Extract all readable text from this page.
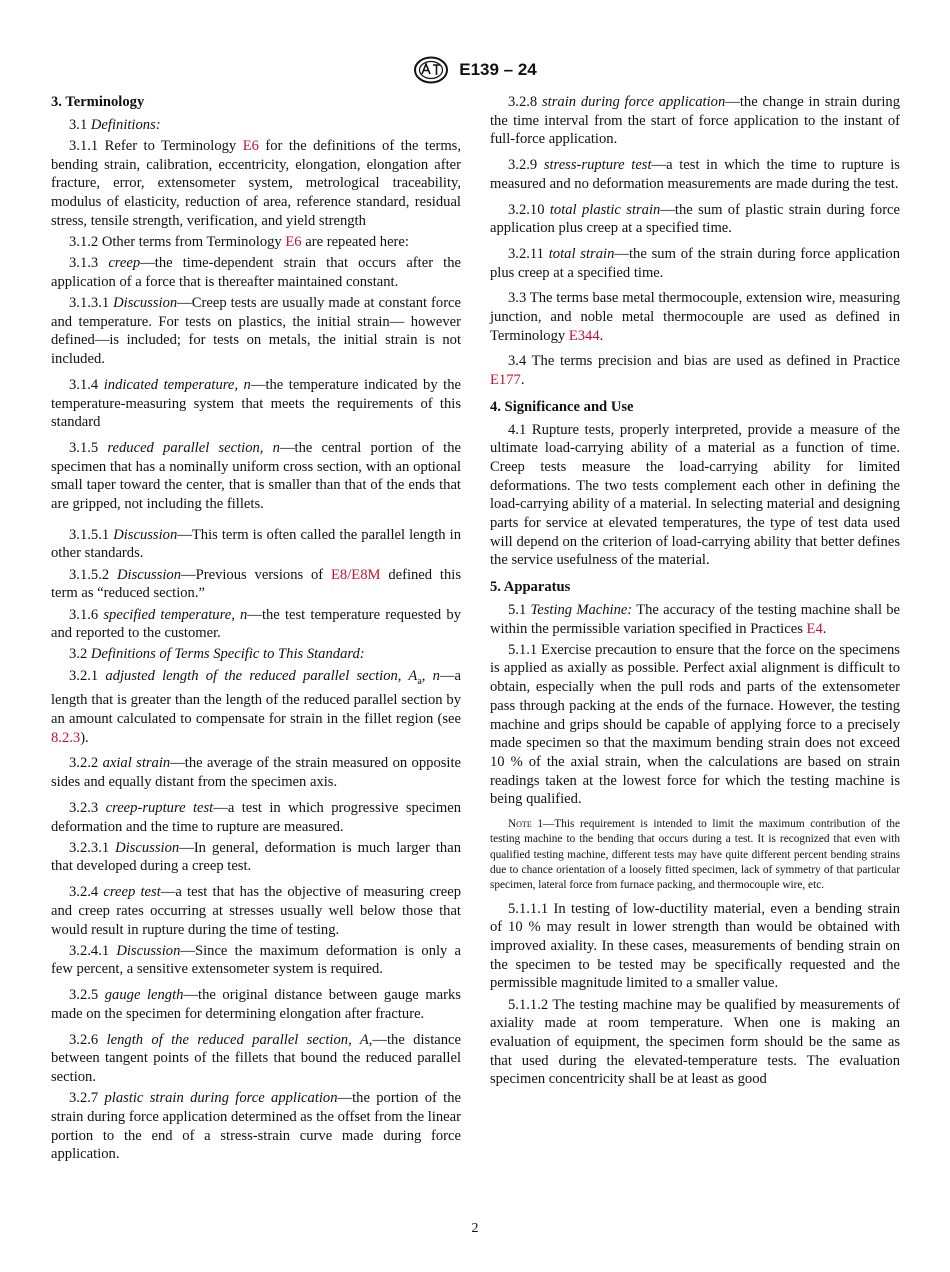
E139 – 24
3. Terminology

3.1 Definitions:

3.1.1 Refer to Terminology E6 for the definitions of the terms, bending strain, calibration, eccentricity, elongation, elongation after fracture, error, extensometer system, metrological traceability, modulus of elasticity, reduction of area, reference standard, residual stress, tensile strength, verification, and yield strength

3.1.2 Other terms from Terminology E6 are repeated here:

3.1.3 creep—the time-dependent strain that occurs after the application of a force that is thereafter maintained constant.

3.1.3.1 Discussion—Creep tests are usually made at constant force and temperature. For tests on plastics, the initial strain— however defined—is included; for tests on metals, the initial strain is not included.

3.1.4 indicated temperature, n—the temperature indicated by the temperature-measuring system that meets the requirements of this standard

3.1.5 reduced parallel section, n—the central portion of the specimen that has a nominally uniform cross section, with an optional small taper toward the center, that is smaller than that of the ends that are gripped, not including the fillets.

3.1.5.1 Discussion—This term is often called the parallel length in other standards.

3.1.5.2 Discussion—Previous versions of E8/E8M defined this term as “reduced section.”

3.1.6 specified temperature, n—the test temperature requested by and reported to the customer.

3.2 Definitions of Terms Specific to This Standard:

3.2.1 adjusted length of the reduced parallel section, $A_a$, n—a length that is greater than the length of the reduced parallel section by an amount calculated to compensate for strain in the fillet region (see 8.2.3).

3.2.2 axial strain—the average of the strain measured on opposite sides and equally distant from the specimen axis.

3.2.3 creep-rupture test—a test in which progressive specimen deformation and the time to rupture are measured.

3.2.3.1 Discussion—In general, deformation is much larger than that developed during a creep test.

3.2.4 creep test—a test that has the objective of measuring creep and creep rates occurring at stresses usually well below those that would result in rupture during the time of testing.

3.2.4.1 Discussion—Since the maximum deformation is only a few percent, a sensitive extensometer system is required.

3.2.5 gauge length—the original distance between gauge marks made on the specimen for determining elongation after fracture.

3.2.6 length of the reduced parallel section, A,—the distance between tangent points of the fillets that bound the reduced parallel section.

3.2.7 plastic strain during force application—the portion of the strain during force application determined as the offset from the linear portion to the end of a stress-strain curve made during force application.

3.2.8 strain during force application—the change in strain during the time interval from the start of force application to the instant of full-force application.

3.2.9 stress-rupture test—a test in which the time to rupture is measured and no deformation measurements are made during the test.

3.2.10 total plastic strain—the sum of plastic strain during force application plus creep at a specified time.

3.2.11 total strain—the sum of the strain during force application plus creep at a specified time.

3.3 The terms base metal thermocouple, extension wire, measuring junction, and noble metal thermocouple are used as defined in Terminology E344.

3.4 The terms precision and bias are used as defined in Practice E177.

4. Significance and Use

4.1 Rupture tests, properly interpreted, provide a measure of the ultimate load-carrying ability of a material as a function of time. Creep tests measure the load-carrying ability for limited deformations. The two tests complement each other in defining the load-carrying ability of a material. In selecting material and designing parts for service at elevated temperatures, the type of test data used will depend on the criterion of load-carrying ability that better defines the service usefulness of the material.

5. Apparatus

5.1 Testing Machine: The accuracy of the testing machine shall be within the permissible variation specified in Practices E4.

5.1.1 Exercise precaution to ensure that the force on the specimens is applied as axially as possible. Perfect axial alignment is difficult to obtain, especially when the pull rods and parts of the extensometer pass through packing at the ends of the furnace. However, the testing machine and grips should be capable of applying force to a precisely made specimen so that the maximum bending strain does not exceed 10 % of the axial strain, when the calculations are based on strain readings taken at the lowest force for which the testing machine is being qualified.

Note 1—This requirement is intended to limit the maximum contribution of the testing machine to the bending that occurs during a test. It is recognized that even with qualified testing machine, different tests may have quite different percent bending strains due to chance orientation of a loosely fitted specimen, lack of symmetry of that particular specimen, lateral force from furnace packing, and thermocouple wire, etc.

5.1.1.1 In testing of low-ductility material, even a bending strain of 10 % may result in lower strength than would be obtained with improved axiality. In these cases, measurements of bending strain on the specimen to be tested may be specifically requested and the permissible magnitude limited to a smaller value.

5.1.1.2 The testing machine may be qualified by measurements of axiality made at room temperature. When one is making an evaluation of equipment, the specimen form should be the same as that used during the elevated-temperature tests. The evaluation specimen concentricity shall be at least as good

2
